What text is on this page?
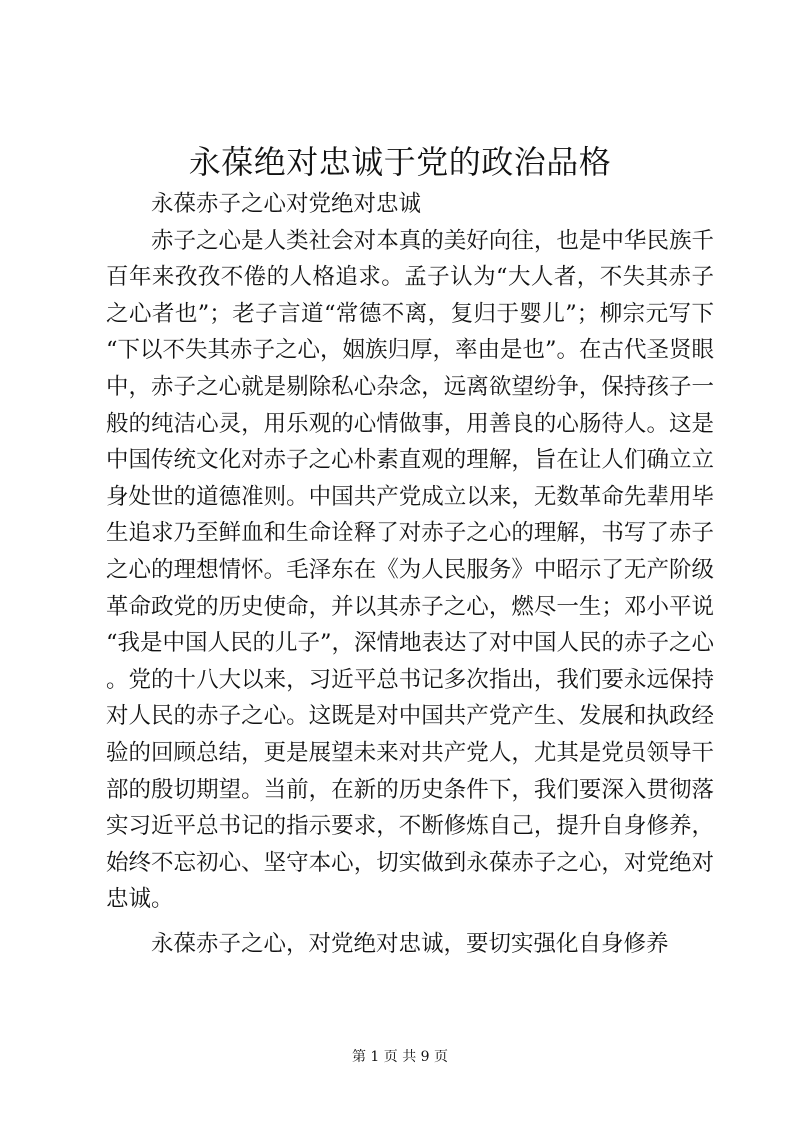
永葆绝对忠诚于党的政治品格

永葆赤子之心对党绝对忠诚

赤子之心是人类社会对本真的美好向往，也是中华民族千百年来孜孜不倦的人格追求。孟子认为“大人者，不失其赤子之心者也”；老子言道“常德不离，复归于婴儿”；柳宗元写下“下以不失其赤子之心，姻族归厚，率由是也”。在古代圣贤眼中，赤子之心就是剔除私心杂念，远离欲望纷争，保持孩子一般的纯洁心灵，用乐观的心情做事，用善良的心肠待人。这是中国传统文化对赤子之心朴素直观的理解，旨在让人们确立立身处世的道德准则。中国共产党成立以来，无数革命先辈用毕生追求乃至鲜血和生命诠释了对赤子之心的理解，书写了赤子之心的理想情怀。毛泽东在《为人民服务》中昭示了无产阶级革命政党的历史使命，并以其赤子之心，燃尽一生；邓小平说“我是中国人民的儿子”，深情地表达了对中国人民的赤子之心。党的十八大以来，习近平总书记多次指出，我们要永远保持对人民的赤子之心。这既是对中国共产党产生、发展和执政经验的回顾总结，更是展望未来对共产党人，尤其是党员领导干部的殷切期望。当前，在新的历史条件下，我们要深入贯彻落实习近平总书记的指示要求，不断修炼自己，提升自身修养，始终不忘初心、坚守本心，切实做到永葆赤子之心，对党绝对忠诚。

永葆赤子之心，对党绝对忠诚，要切实强化自身修养

第 1 页 共 9 页
